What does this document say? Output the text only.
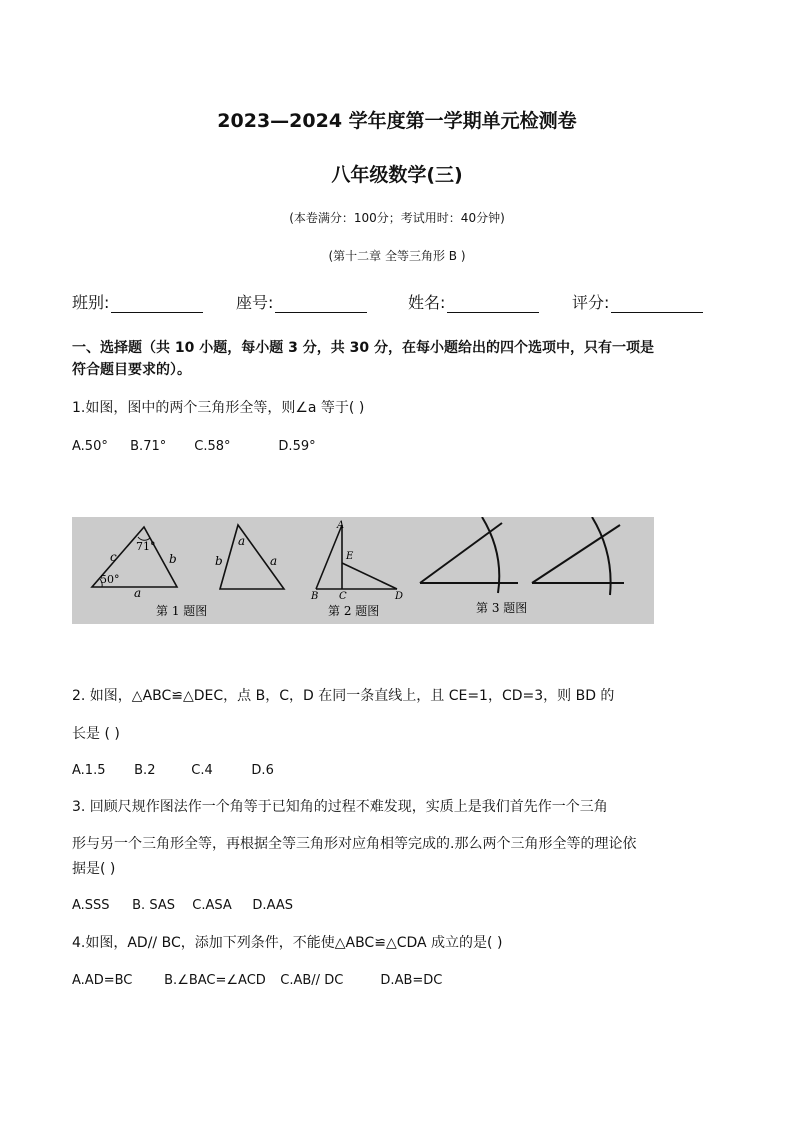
2023—2024 学年度第一学期单元检测卷
八年级数学(三)
(本卷满分：100分；考试用时：40分钟)
(第十二章 全等三角形 B )
班别:	座号:	姓名:	评分:
一、选择题（共 10 小题，每小题 3 分，共 30 分，在每小题给出的四个选项中，只有一项是
符合题目要求的）。
1.如图，图中的两个三角形全等，则∠a 等于( )
A.50° B.71° C.58°	D.59°
71°
50°
c	b
a
a
b	a
第 1 题图
A
E
B C	D
第 2 题图	第 3 题图
2. 如图，△ABC≌△DEC，点 B，C，D 在同一条直线上，且 CE=1，CD=3，则 BD 的
长是 ( )
A.1.5 B.2	C.4	D.6
3. 回顾尺规作图法作一个角等于已知角的过程不难发现，实质上是我们首先作一个三角
形与另一个三角形全等，再根据全等三角形对应角相等完成的.那么两个三角形全等的理论依
据是( )
A.SSS B. SAS C.ASA D.AAS
4.如图，AD// BC，添加下列条件，不能使△ABC≌△CDA 成立的是( )
A.AD=BC B.∠BAC=∠ACD C.AB// DC	D.AB=DC
